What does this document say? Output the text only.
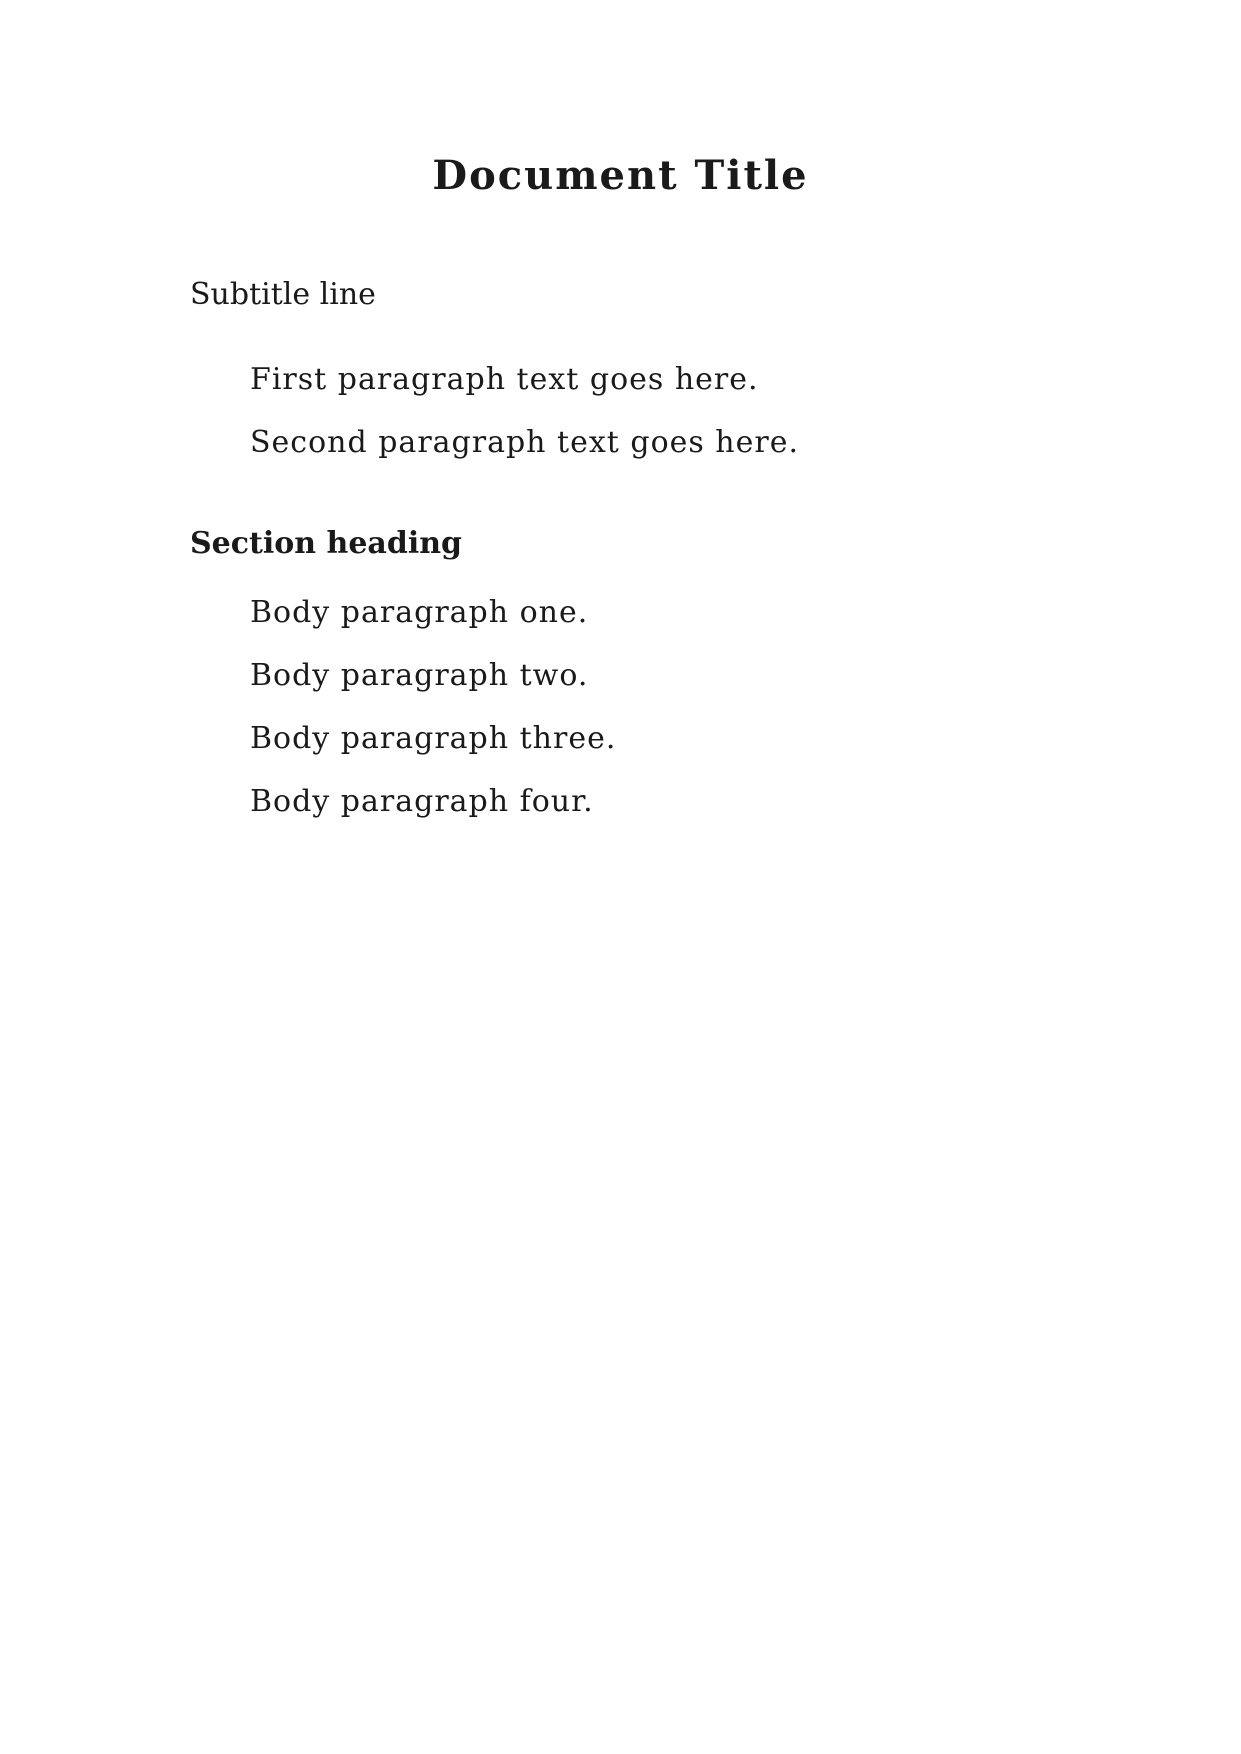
Document Title

Subtitle line

First paragraph text goes here.

Second paragraph text goes here.

Section heading

Body paragraph one.

Body paragraph two.

Body paragraph three.

Body paragraph four.
